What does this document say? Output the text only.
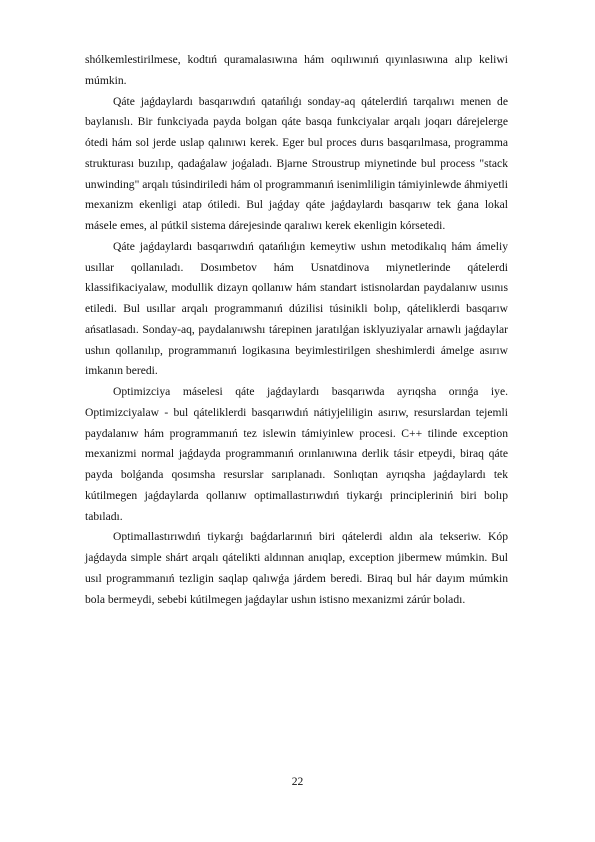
shólkemlestirilmese, kodtıń quramalasıwına hám oqılıwınıń qıyınlasıwına alıp keliwi múmkin.

Qáte jaǵdaylardı basqarıwdıń qatańlıǵı sonday-aq qátelerdiń tarqalıwı menen de baylanıslı. Bir funkciyada payda bolgan qáte basqa funkciyalar arqalı joqarı dárejelerge ótedi hám sol jerde uslap qalınıwı kerek. Eger bul proces durıs basqarılmasa, programma strukturası buzılıp, qadaǵalaw joǵaladı. Bjarne Stroustrup miynetinde bul process "stack unwinding" arqalı túsindiriledi hám ol programmanıń isenimliligin támiyinlewde áhmiyetli mexanizm ekenligi atap ótiledi. Bul jaǵday qáte jaǵdaylardı basqarıw tek ǵana lokal másele emes, al pútkil sistema dárejesinde qaralıwı kerek ekenligin kórsetedi.

Qáte jaǵdaylardı basqarıwdıń qatańlıǵın kemeytiw ushın metodikalıq hám ámeliy usıllar qollanıladı. Dosımbetov hám Usnatdinova miynetlerinde qátelerdi klassifikaciyalaw, modullik dizayn qollanıw hám standart istisnolardan paydalanıw usınıs etiledi. Bul usıllar arqalı programmanıń dúzilisi túsinikli bolıp, qáteliklerdi basqarıw ańsatlasadı. Sonday-aq, paydalanıwshı tárepinen jaratılǵan isklyuziyalar arnawlı jaǵdaylar ushın qollanılıp, programmanıń logikasına beyimlestirilgen sheshimlerdi ámelge asırıw imkanın beredi.

Optimizciya máselesi qáte jaǵdaylardı basqarıwda ayrıqsha orınǵa iye. Optimizciyalaw - bul qáteliklerdi basqarıwdıń nátiyjeliligin asırıw, resurslardan tejemli paydalanıw hám programmanıń tez islewin támiyinlew procesi. C++ tilinde exception mexanizmi normal jaǵdayda programmanıń orınlanıwına derlik tásir etpeydi, biraq qáte payda bolǵanda qosımsha resurslar sarıplanadı. Sonlıqtan ayrıqsha jaǵdaylardı tek kútilmegen jaǵdaylarda qollanıw optimallastırıwdıń tiykarǵı principleriniń biri bolıp tabıladı.

Optimallastırıwdıń tiykarǵı baǵdarlarınıń biri qátelerdi aldın ala tekseriw. Kóp jaǵdayda simple shárt arqalı qátelikti aldınnan anıqlap, exception jibermew múmkin. Bul usıl programmanıń tezligin saqlap qalıwǵa járdem beredi. Biraq bul hár dayım múmkin bola bermeydi, sebebi kútilmegen jaǵdaylar ushın istisno mexanizmi zárúr boladı.

22
